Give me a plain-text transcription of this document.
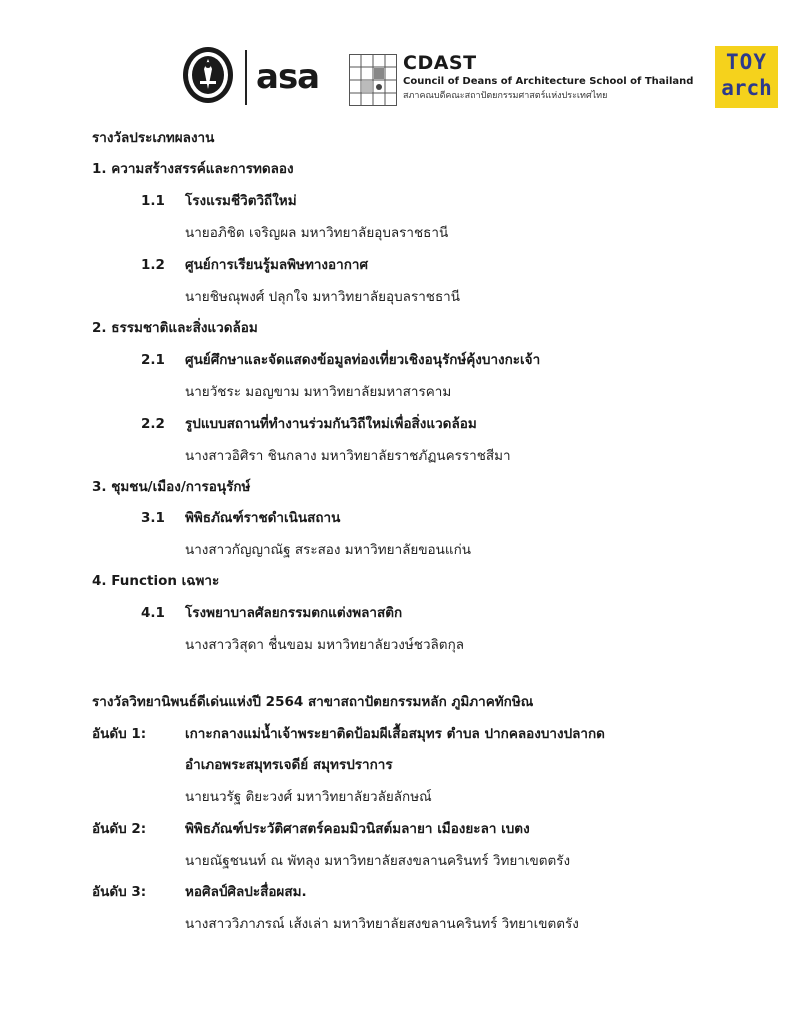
asa	CDAST
Council of Deans of Architecture School of Thailand
สภาคณบดีคณะสถาปัตยกรรมศาสตร์แห่งประเทศไทย
TOY
arch
รางวัลประเภทผลงาน
1. ความสร้างสรรค์และการทดลอง
1.1 โรงแรมชีวิตวิถีใหม่
นายอภิชิต เจริญผล มหาวิทยาลัยอุบลราชธานี
1.2 ศูนย์การเรียนรู้มลพิษทางอากาศ
นายชิษณุพงศ์ ปลุกใจ มหาวิทยาลัยอุบลราชธานี
2. ธรรมชาติและสิ่งแวดล้อม
2.1 ศูนย์ศึกษาและจัดแสดงข้อมูลท่องเที่ยวเชิงอนุรักษ์คุ้งบางกะเจ้า
นายวัชระ มอญขาม มหาวิทยาลัยมหาสารคาม
2.2 รูปแบบสถานที่ทำงานร่วมกันวิถีใหม่เพื่อสิ่งแวดล้อม
นางสาวอิศิรา ชินกลาง มหาวิทยาลัยราชภัฏนครราชสีมา
3. ชุมชน/เมือง/การอนุรักษ์
3.1 พิพิธภัณฑ์ราชดำเนินสถาน
นางสาวกัญญาณัฐ สระสอง มหาวิทยาลัยขอนแก่น
4. Function เฉพาะ
4.1 โรงพยาบาลศัลยกรรมตกแต่งพลาสติก
นางสาววิสุดา ชื่นขอม มหาวิทยาลัยวงษ์ชวลิตกุล
รางวัลวิทยานิพนธ์ดีเด่นแห่งปี 2564 สาขาสถาปัตยกรรมหลัก ภูมิภาคทักษิณ
อันดับ 1:	เกาะกลางแม่น้ำเจ้าพระยาติดป้อมผีเสื้อสมุทร ตำบล ปากคลองบางปลากด
อำเภอพระสมุทรเจดีย์ สมุทรปราการ
นายนวรัฐ ติยะวงศ์ มหาวิทยาลัยวลัยลักษณ์
อันดับ 2:	พิพิธภัณฑ์ประวัติศาสตร์คอมมิวนิสต์มลายา เมืองยะลา เบตง
นายณัฐชนนท์ ณ พัทลุง มหาวิทยาลัยสงขลานครินทร์ วิทยาเขตตรัง
อันดับ 3:	หอศิลป์ศิลปะสื่อผสม.
นางสาววิภาภรณ์ เส้งเล่า มหาวิทยาลัยสงขลานครินทร์ วิทยาเขตตรัง
